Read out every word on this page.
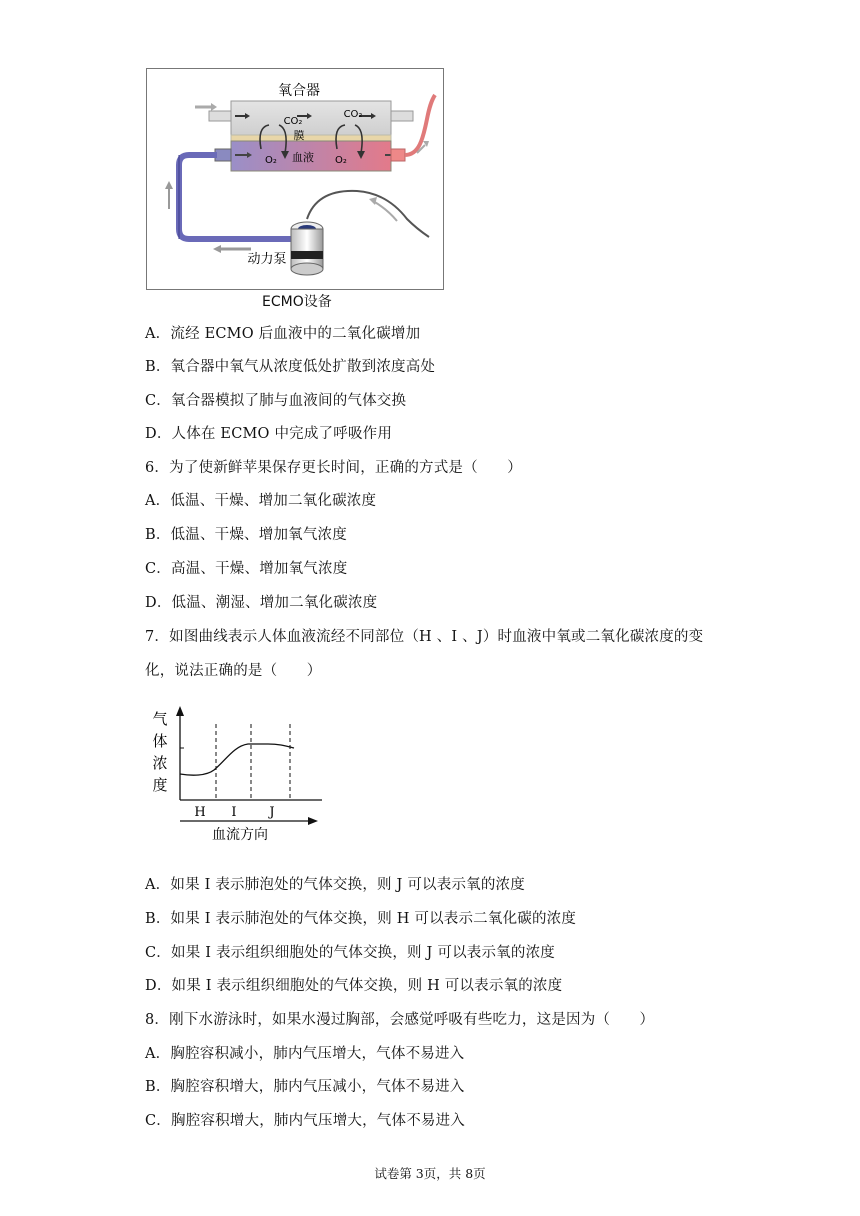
氧合器
CO₂
CO₂
膜
血液
O₂	O₂
动力泵
ECMO设备
A．流经 ECMO 后血液中的二氧化碳增加
B．氧合器中氧气从浓度低处扩散到浓度高处
C．氧合器模拟了肺与血液间的气体交换
D．人体在 ECMO 中完成了呼吸作用
6．为了使新鲜苹果保存更长时间，正确的方式是（　　）
A．低温、干燥、增加二氧化碳浓度
B．低温、干燥、增加氧气浓度
C．高温、干燥、增加氧气浓度
D．低温、潮湿、增加二氧化碳浓度
7．如图曲线表示人体血液流经不同部位（H 、I 、J）时血液中氧或二氧化碳浓度的变
化，说法正确的是（　　）
气
体
浓
度
H I	J
血流方向
A．如果 I 表示肺泡处的气体交换，则 J 可以表示氧的浓度
B．如果 I 表示肺泡处的气体交换，则 H 可以表示二氧化碳的浓度
C．如果 I 表示组织细胞处的气体交换，则 J 可以表示氧的浓度
D．如果 I 表示组织细胞处的气体交换，则 H 可以表示氧的浓度
8．刚下水游泳时，如果水漫过胸部，会感觉呼吸有些吃力，这是因为（　　）
A．胸腔容积减小，肺内气压增大，气体不易进入
B．胸腔容积增大，肺内气压减小，气体不易进入
C．胸腔容积增大，肺内气压增大，气体不易进入
试卷第 3页，共 8页
